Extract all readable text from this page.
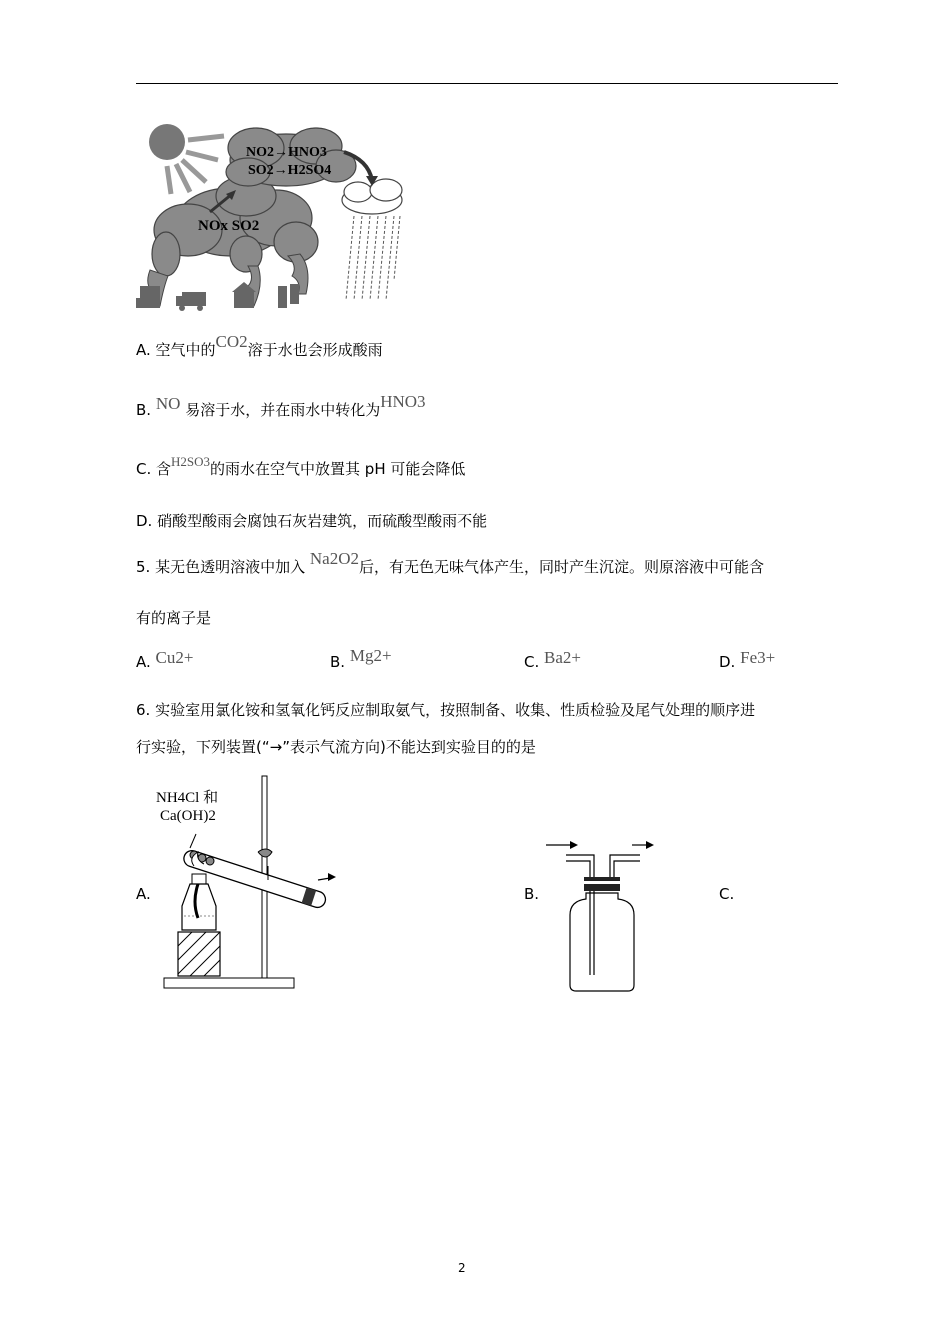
NO2→HNO3
SO2→H2SO4
NOx SO2
A. 空气中的CO2溶于水也会形成酸雨
B. NO 易溶于水，并在雨水中转化为HNO3
C. 含H2SO3的雨水在空气中放置其 pH 可能会降低
D. 硝酸型酸雨会腐蚀石灰岩建筑，而硫酸型酸雨不能
5. 某无色透明溶液中加入 Na2O2后，有无色无味气体产生，同时产生沉淀。则原溶液中可能含
有的离子是
A. Cu2+	B. Mg2+	C. Ba2+	D. Fe3+
6. 实验室用氯化铵和氢氧化钙反应制取氨气，按照制备、收集、性质检验及尾气处理的顺序进
行实验，下列装置(“→”表示气流方向)不能达到实验目的的是
A.	B.	C.
NH4Cl 和
Ca(OH)2
2
